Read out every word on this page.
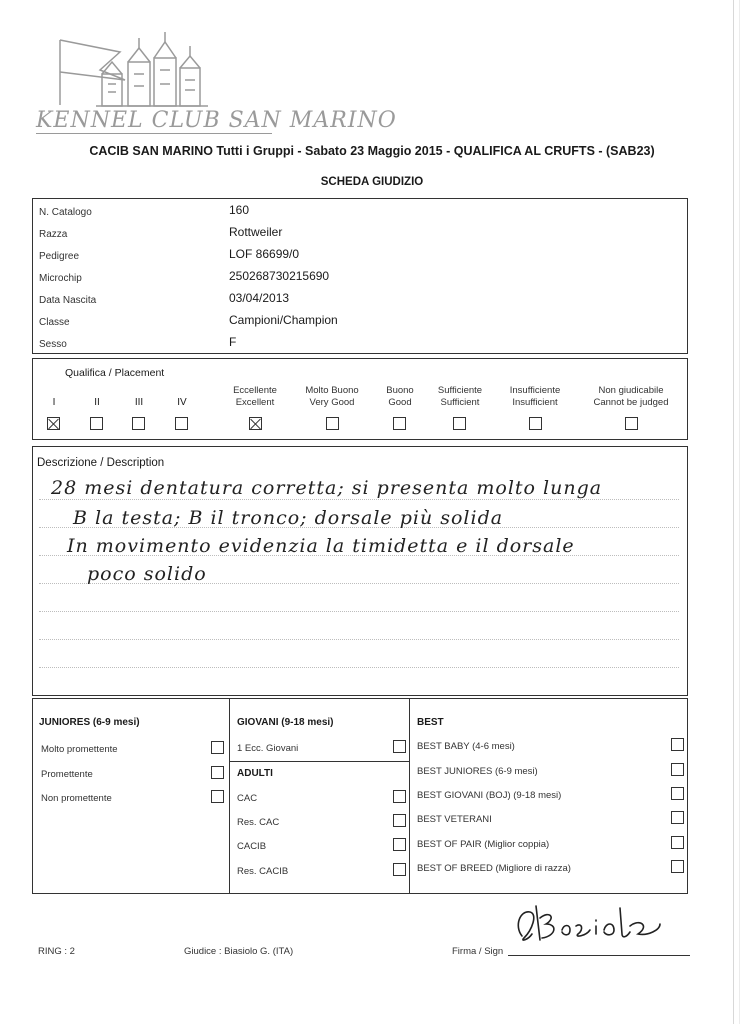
KENNEL CLUB SAN MARINO
CACIB SAN MARINO Tutti i Gruppi - Sabato 23 Maggio 2015 - QUALIFICA AL CRUFTS - (SAB23)
SCHEDA GIUDIZIO
N. Catalogo	160
Razza	Rottweiler
Pedigree	LOF 86699/0
Microchip	250268730215690
Data Nascita	03/04/2013
Classe	Campioni/Champion
Sesso	F
Qualifica / Placement
I	II	III	IV
Eccellente
Excellent
Molto Buono
Very Good
Buono
Good
Sufficiente
Sufficient
Insufficiente
Insufficient
Non giudicabile
Cannot be judged
Descrizione / Description
28 mesi dentatura corretta; si presenta molto lunga
B la testa; B il tronco; dorsale più solida
In movimento evidenzia la timidetta e il dorsale
poco solido
JUNIORES (6-9 mesi)
Molto promettente
Promettente
Non promettente
GIOVANI (9-18 mesi)
1 Ecc. Giovani
ADULTI
CAC
Res. CAC
CACIB
Res. CACIB
BEST
BEST BABY (4-6 mesi)
BEST JUNIORES (6-9 mesi)
BEST GIOVANI (BOJ) (9-18 mesi)
BEST VETERANI
BEST OF PAIR (Miglior coppia)
BEST OF BREED (Migliore di razza)
RING : 2	Giudice : Biasiolo G. (ITA)	Firma / Sign
